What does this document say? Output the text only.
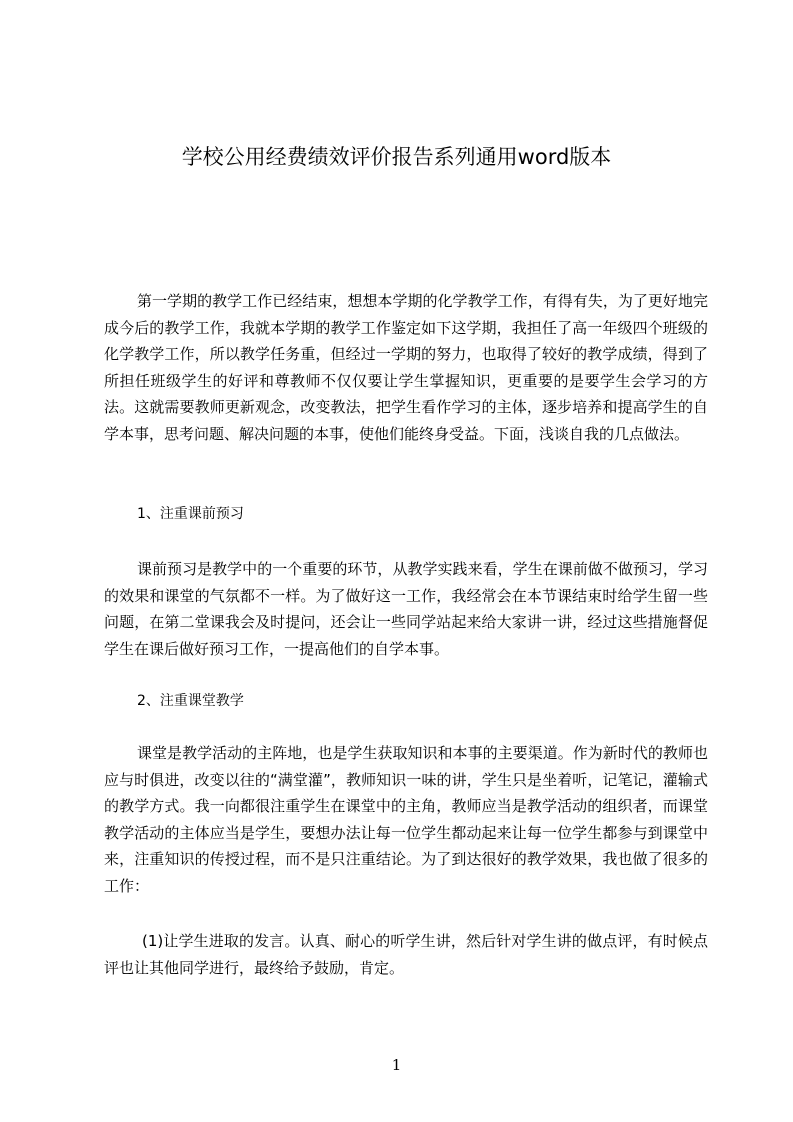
学校公用经费绩效评价报告系列通用word版本

第一学期的教学工作已经结束，想想本学期的化学教学工作，有得有失，为了更好地完成今后的教学工作，我就本学期的教学工作鉴定如下这学期，我担任了高一年级四个班级的化学教学工作，所以教学任务重，但经过一学期的努力，也取得了较好的教学成绩，得到了所担任班级学生的好评和尊教师不仅仅要让学生掌握知识，更重要的是要学生会学习的方法。这就需要教师更新观念，改变教法，把学生看作学习的主体，逐步培养和提高学生的自学本事，思考问题、解决问题的本事，使他们能终身受益。下面，浅谈自我的几点做法。

1、注重课前预习

课前预习是教学中的一个重要的环节，从教学实践来看，学生在课前做不做预习，学习的效果和课堂的气氛都不一样。为了做好这一工作，我经常会在本节课结束时给学生留一些问题，在第二堂课我会及时提问，还会让一些同学站起来给大家讲一讲，经过这些措施督促学生在课后做好预习工作，一提高他们的自学本事。

2、注重课堂教学

课堂是教学活动的主阵地，也是学生获取知识和本事的主要渠道。作为新时代的教师也应与时俱进，改变以往的“满堂灌”，教师知识一味的讲，学生只是坐着听，记笔记，灌输式的教学方式。我一向都很注重学生在课堂中的主角，教师应当是教学活动的组织者，而课堂教学活动的主体应当是学生，要想办法让每一位学生都动起来让每一位学生都参与到课堂中来，注重知识的传授过程，而不是只注重结论。为了到达很好的教学效果，我也做了很多的工作：

(1)让学生进取的发言。认真、耐心的听学生讲，然后针对学生讲的做点评，有时候点评也让其他同学进行，最终给予鼓励，肯定。

1
